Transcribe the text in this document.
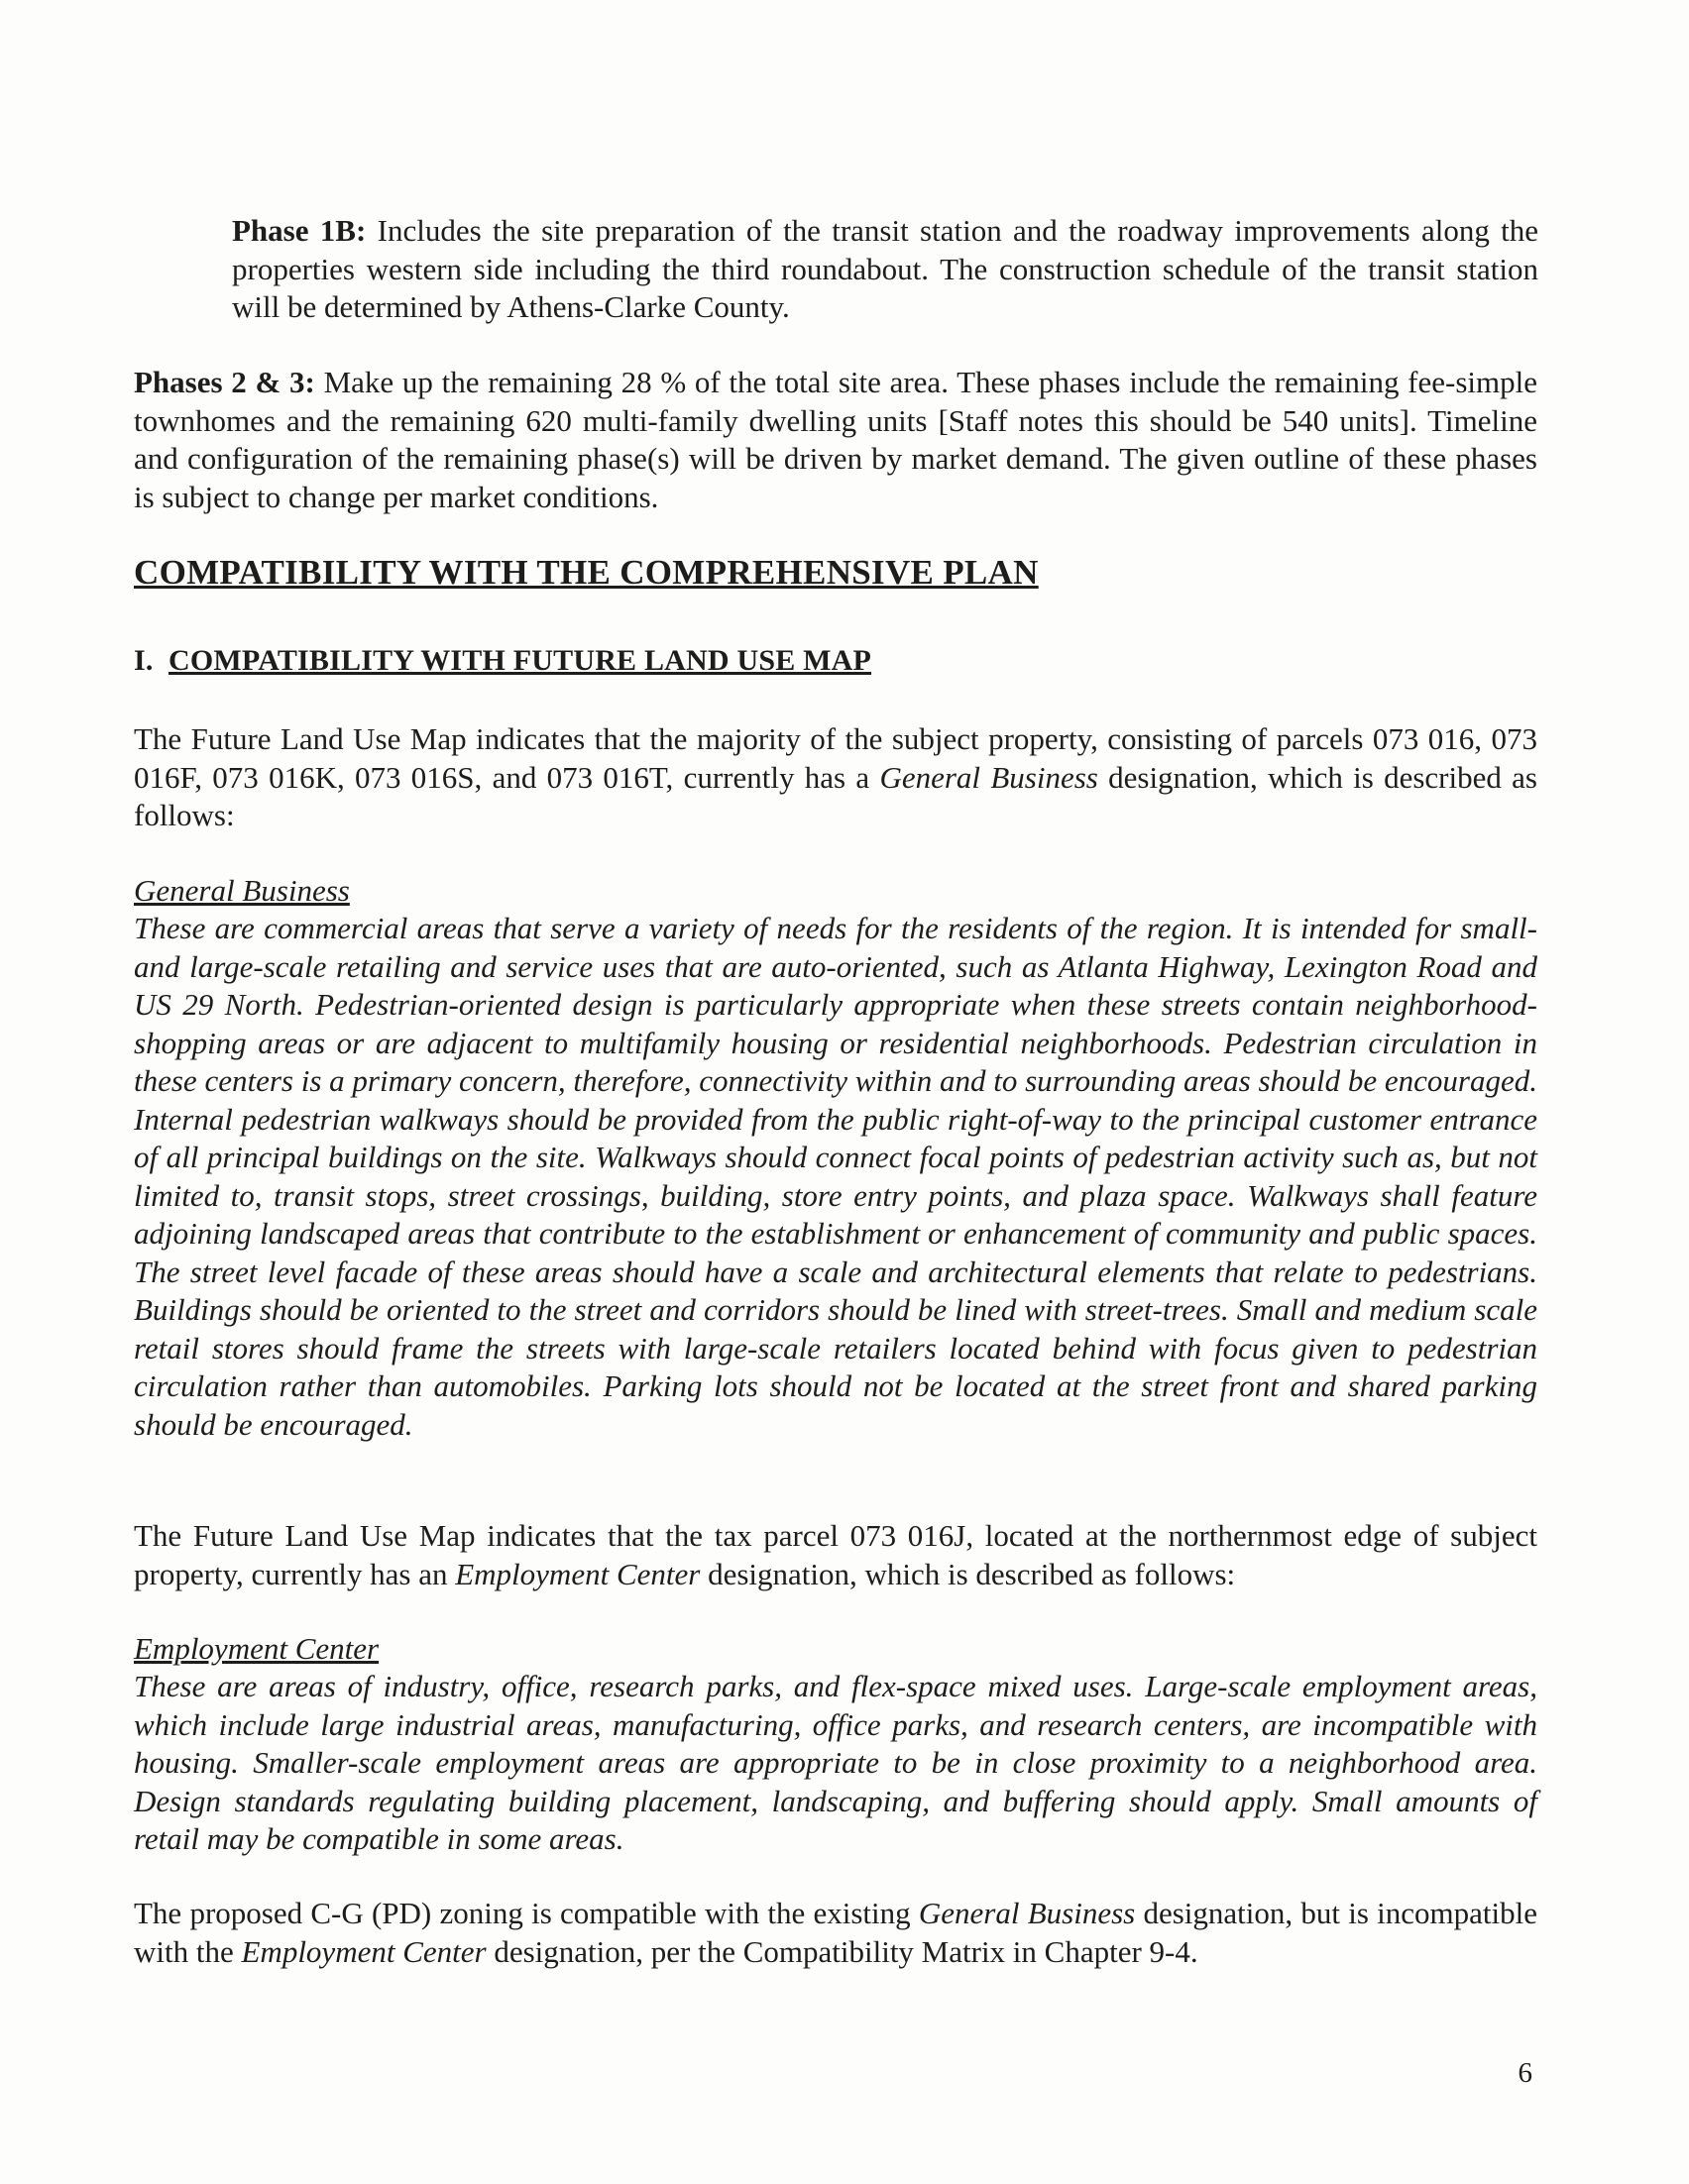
Phase 1B: Includes the site preparation of the transit station and the roadway improvements along the properties western side including the third roundabout. The construction schedule of the transit station will be determined by Athens-Clarke County.

Phases 2 & 3: Make up the remaining 28 % of the total site area. These phases include the remaining fee-simple townhomes and the remaining 620 multi-family dwelling units [Staff notes this should be 540 units]. Timeline and configuration of the remaining phase(s) will be driven by market demand. The given outline of these phases is subject to change per market conditions.

COMPATIBILITY WITH THE COMPREHENSIVE PLAN

I. COMPATIBILITY WITH FUTURE LAND USE MAP

The Future Land Use Map indicates that the majority of the subject property, consisting of parcels 073 016, 073 016F, 073 016K, 073 016S, and 073 016T, currently has a General Business designation, which is described as follows:

General Business

These are commercial areas that serve a variety of needs for the residents of the region. It is intended for small- and large-scale retailing and service uses that are auto-oriented, such as Atlanta Highway, Lexington Road and US 29 North. Pedestrian-oriented design is particularly appropriate when these streets contain neighborhood-shopping areas or are adjacent to multifamily housing or residential neighborhoods. Pedestrian circulation in these centers is a primary concern, therefore, connectivity within and to surrounding areas should be encouraged. Internal pedestrian walkways should be provided from the public right-of-way to the principal customer entrance of all principal buildings on the site. Walkways should connect focal points of pedestrian activity such as, but not limited to, transit stops, street crossings, building, store entry points, and plaza space. Walkways shall feature adjoining landscaped areas that contribute to the establishment or enhancement of community and public spaces. The street level facade of these areas should have a scale and architectural elements that relate to pedestrians. Buildings should be oriented to the street and corridors should be lined with street-trees. Small and medium scale retail stores should frame the streets with large-scale retailers located behind with focus given to pedestrian circulation rather than automobiles. Parking lots should not be located at the street front and shared parking should be encouraged.

The Future Land Use Map indicates that the tax parcel 073 016J, located at the northernmost edge of subject property, currently has an Employment Center designation, which is described as follows:

Employment Center

These are areas of industry, office, research parks, and flex-space mixed uses. Large-scale employment areas, which include large industrial areas, manufacturing, office parks, and research centers, are incompatible with housing. Smaller-scale employment areas are appropriate to be in close proximity to a neighborhood area. Design standards regulating building placement, landscaping, and buffering should apply. Small amounts of retail may be compatible in some areas.

The proposed C-G (PD) zoning is compatible with the existing General Business designation, but is incompatible with the Employment Center designation, per the Compatibility Matrix in Chapter 9-4.

6
